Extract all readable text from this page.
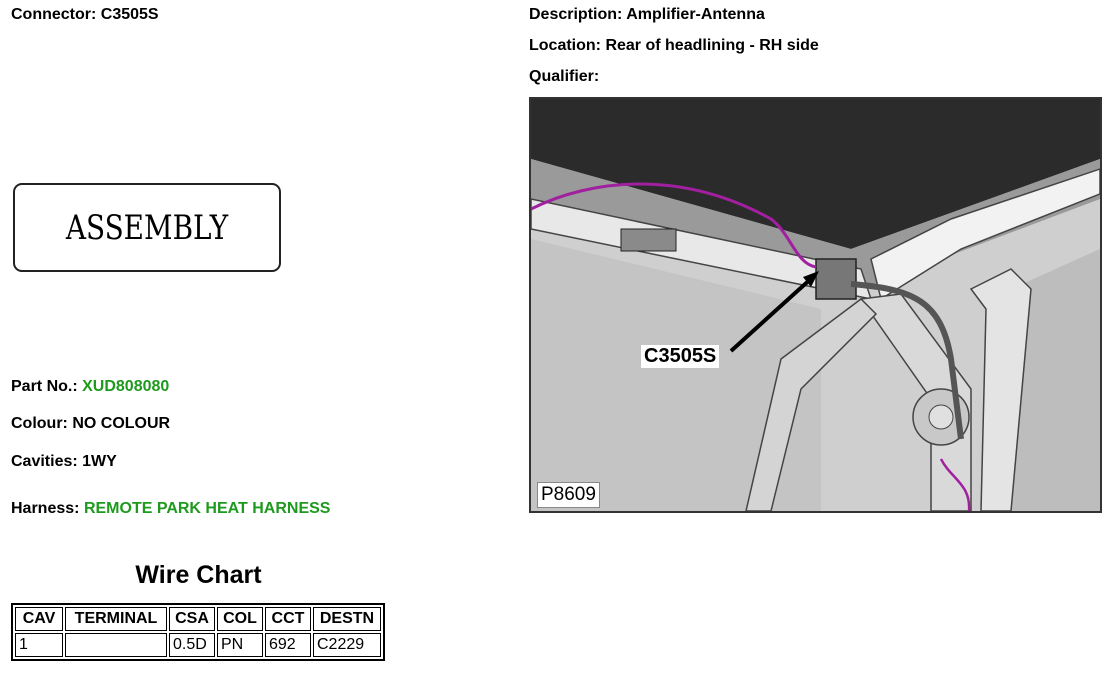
Connector: C3505S	Description: Amplifier-Antenna
Location: Rear of headlining - RH side
Qualifier:
ASSEMBLY
Part No.: XUD808080
Colour: NO COLOUR
Cavities: 1WY
Harness: REMOTE PARK HEAT HARNESS
Wire Chart
CAV	TERMINAL	CSA	COL	CCT	DESTN
1		0.5D	PN	692	C2229
C3505S
P8609
